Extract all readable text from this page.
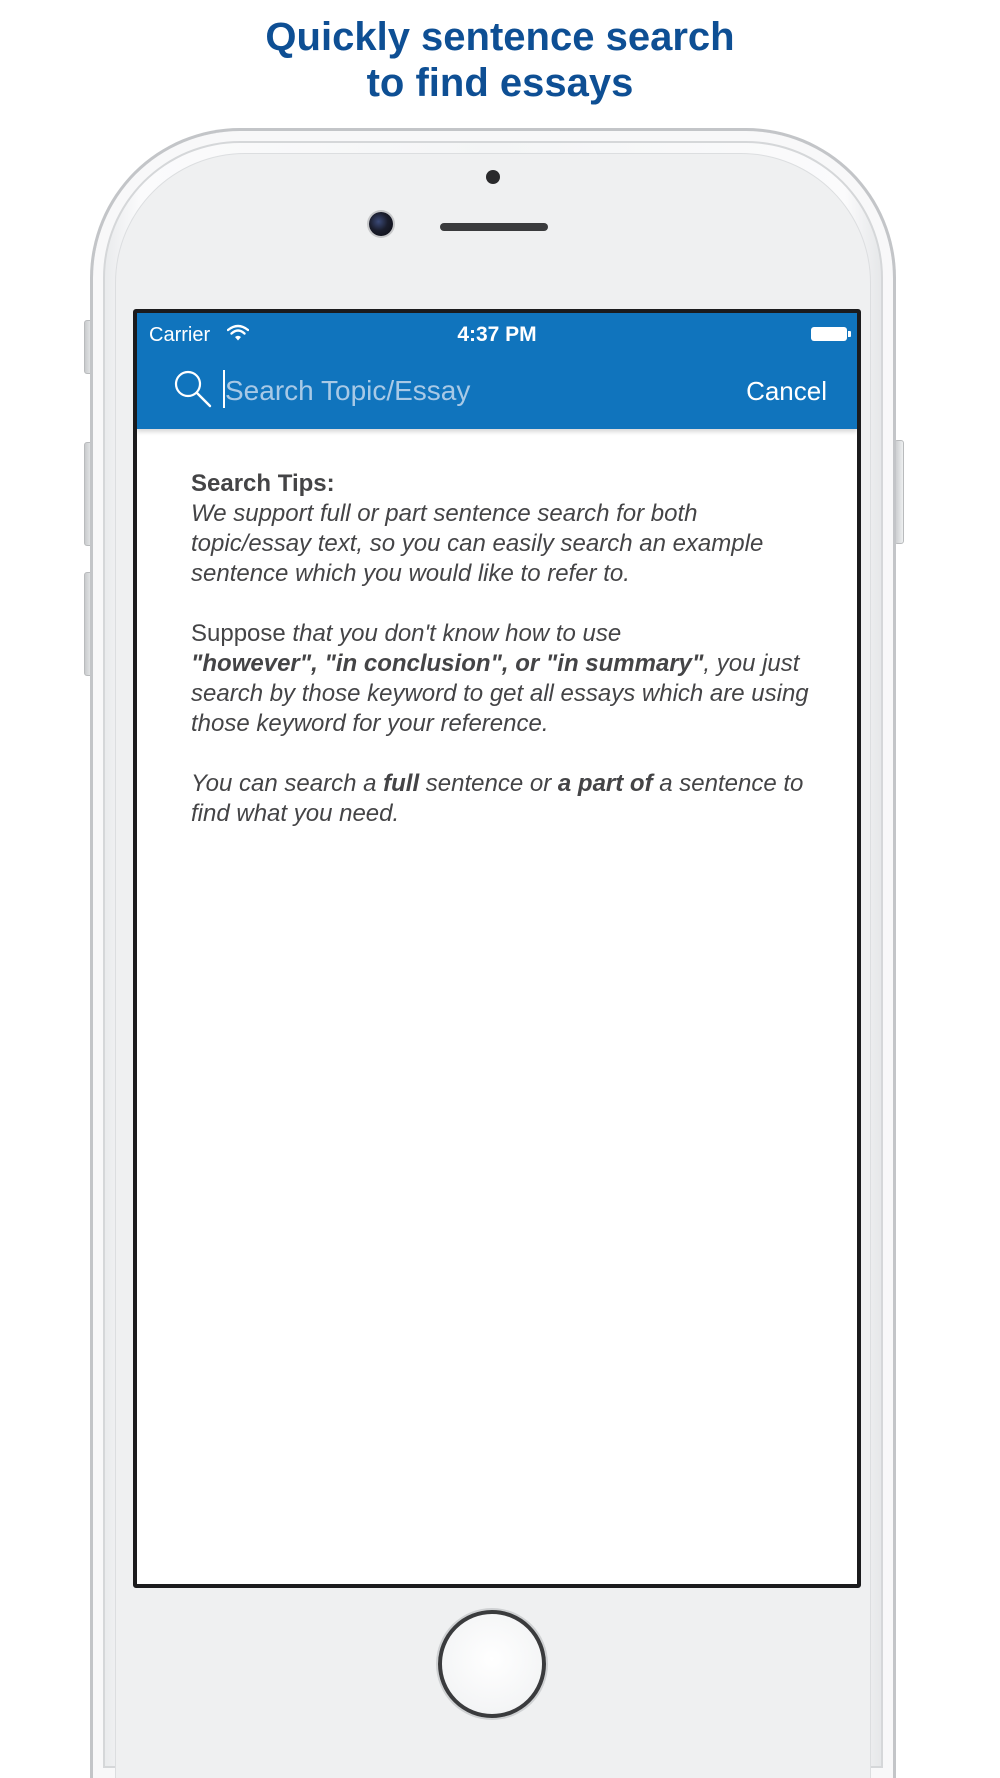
Quickly sentence search
to find essays
Carrier	4:37 PM
Search Topic/Essay
Cancel

Search Tips:
We support full or part sentence search for both topic/essay text, so you can easily search an example sentence which you would like to refer to.

Suppose that you don't know how to use
"however", "in conclusion", or "in summary", you just search by those keyword to get all essays which are using those keyword for your reference.

You can search a full sentence or a part of a sentence to find what you need.
